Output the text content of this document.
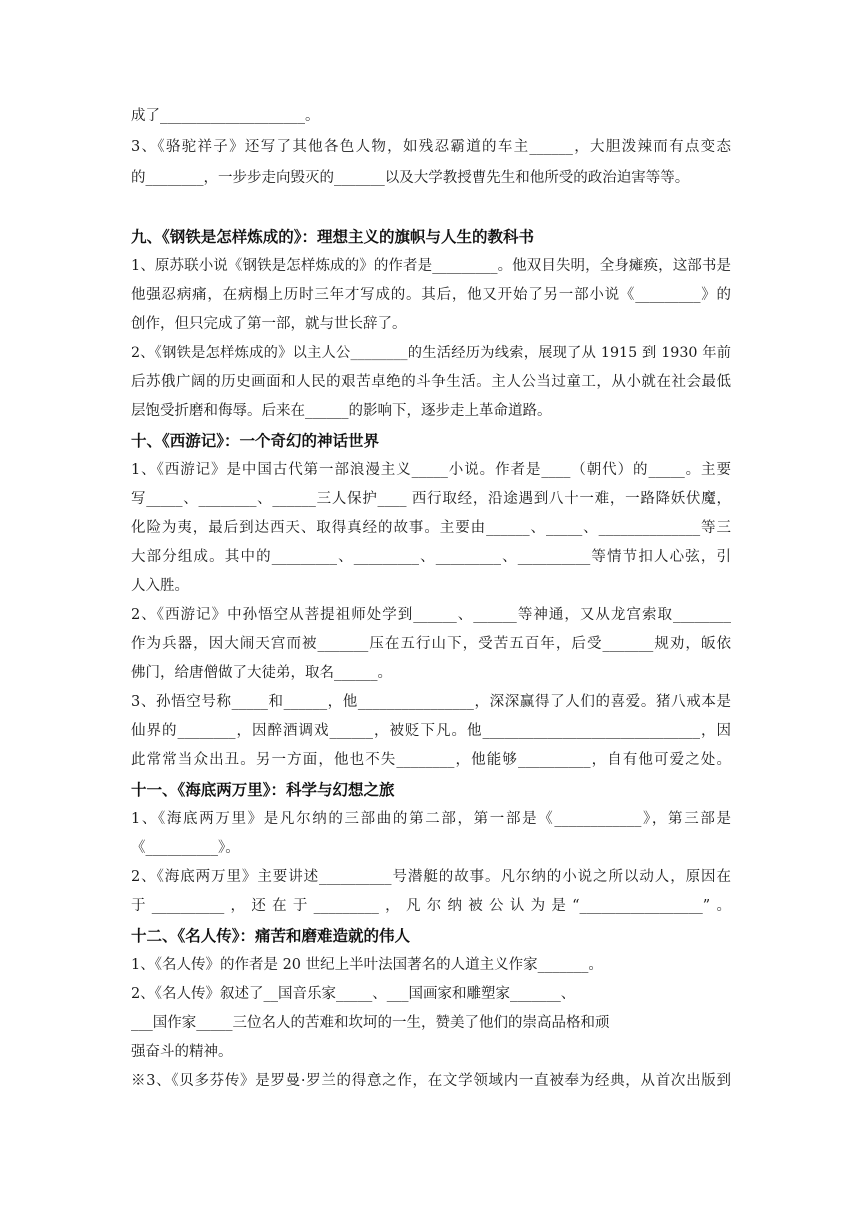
成了____________________。
3、《骆驼祥子》还写了其他各色人物，如残忍霸道的车主______，大胆泼辣而有点变态
的________，一步步走向毁灭的_______以及大学教授曹先生和他所受的政治迫害等等。
九、《钢铁是怎样炼成的》：理想主义的旗帜与人生的教科书
1、原苏联小说《钢铁是怎样炼成的》的作者是_________。他双目失明，全身瘫痪，这部书是
他强忍病痛，在病榻上历时三年才写成的。其后，他又开始了另一部小说《_________》的
创作，但只完成了第一部，就与世长辞了。
2、《钢铁是怎样炼成的》以主人公________的生活经历为线索，展现了从 1915 到 1930 年前
后苏俄广阔的历史画面和人民的艰苦卓绝的斗争生活。主人公当过童工，从小就在社会最低
层饱受折磨和侮辱。后来在______的影响下，逐步走上革命道路。
十、《西游记》：一个奇幻的神话世界
1、《西游记》是中国古代第一部浪漫主义_____小说。作者是____（朝代）的_____。主要
写_____、________、______三人保护____ 西行取经，沿途遇到八十一难，一路降妖伏魔，
化险为夷，最后到达西天、取得真经的故事。主要由______、_____、______________等三
大部分组成。其中的_________、_________、_________、__________等情节扣人心弦，引
人入胜。
2、《西游记》中孙悟空从菩提祖师处学到______、______等神通，又从龙宫索取________
作为兵器，因大闹天宫而被_______压在五行山下，受苦五百年，后受_______规劝，皈依
佛门，给唐僧做了大徒弟，取名______。
3、孙悟空号称_____和______，他________________，深深赢得了人们的喜爱。猪八戒本是
仙界的________，因醉酒调戏______，被贬下凡。他______________________________，因
此常常当众出丑。另一方面，他也不失________，他能够__________，自有他可爱之处。
十一、《海底两万里》：科学与幻想之旅
1、《海底两万里》是凡尔纳的三部曲的第二部，第一部是《____________》，第三部是
《__________》。
2、《海底两万里》主要讲述__________号潜艇的故事。凡尔纳的小说之所以动人，原因在
于__________，还在于_________，凡尔纳被公认为是“_________________”。
十二、《名人传》：痛苦和磨难造就的伟人
1、《名人传》的作者是 20 世纪上半叶法国著名的人道主义作家_______。
2、《名人传》叙述了__国音乐家_____、___国画家和雕塑家_______、
___国作家_____三位名人的苦难和坎坷的一生，赞美了他们的崇高品格和顽
强奋斗的精神。
※3、《贝多芬传》是罗曼·罗兰的得意之作，在文学领域内一直被奉为经典，从首次出版到
